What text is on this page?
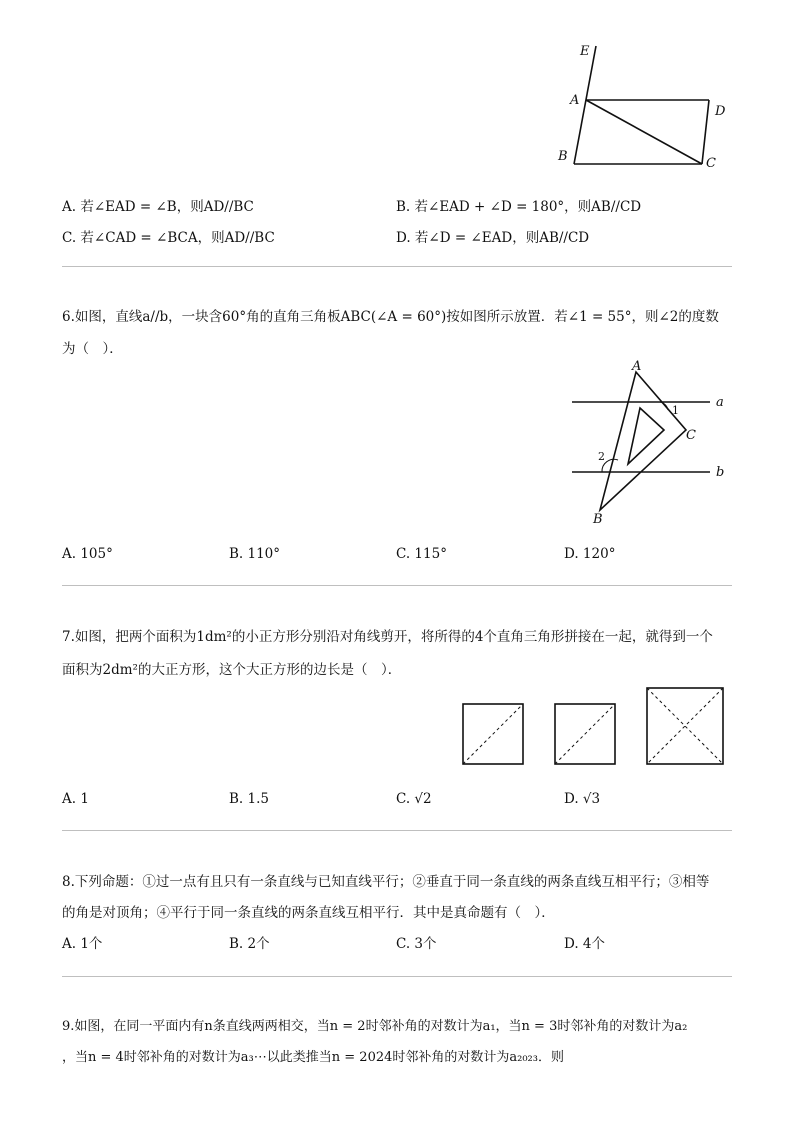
E
A
D
B	C
A. 若∠EAD = ∠B，则AD//BC	B. 若∠EAD + ∠D = 180°，则AB//CD
C. 若∠CAD = ∠BCA，则AD//BC	D. 若∠D = ∠EAD，则AB//CD
6.如图，直线a//b，一块含60°角的直角三角板ABC(∠A = 60°)按如图所示放置．若∠1 = 55°，则∠2的度数
为（　）．
A
C
B
a
b
1
2
A. 105°	B. 110°	C. 115°	D. 120°
7.如图，把两个面积为1dm²的小正方形分别沿对角线剪开，将所得的4个直角三角形拼接在一起，就得到一个
面积为2dm²的大正方形，这个大正方形的边长是（　）．
A. 1	B. 1.5	C. √2	D. √3
8.下列命题：①过一点有且只有一条直线与已知直线平行；②垂直于同一条直线的两条直线互相平行；③相等
的角是对顶角；④平行于同一条直线的两条直线互相平行．其中是真命题有（　）．
A. 1个	B. 2个	C. 3个	D. 4个
9.如图，在同一平面内有n条直线两两相交，当n = 2时邻补角的对数计为a₁，当n = 3时邻补角的对数计为a₂
，当n = 4时邻补角的对数计为a₃⋯以此类推当n = 2024时邻补角的对数计为a₂₀₂₃．则
